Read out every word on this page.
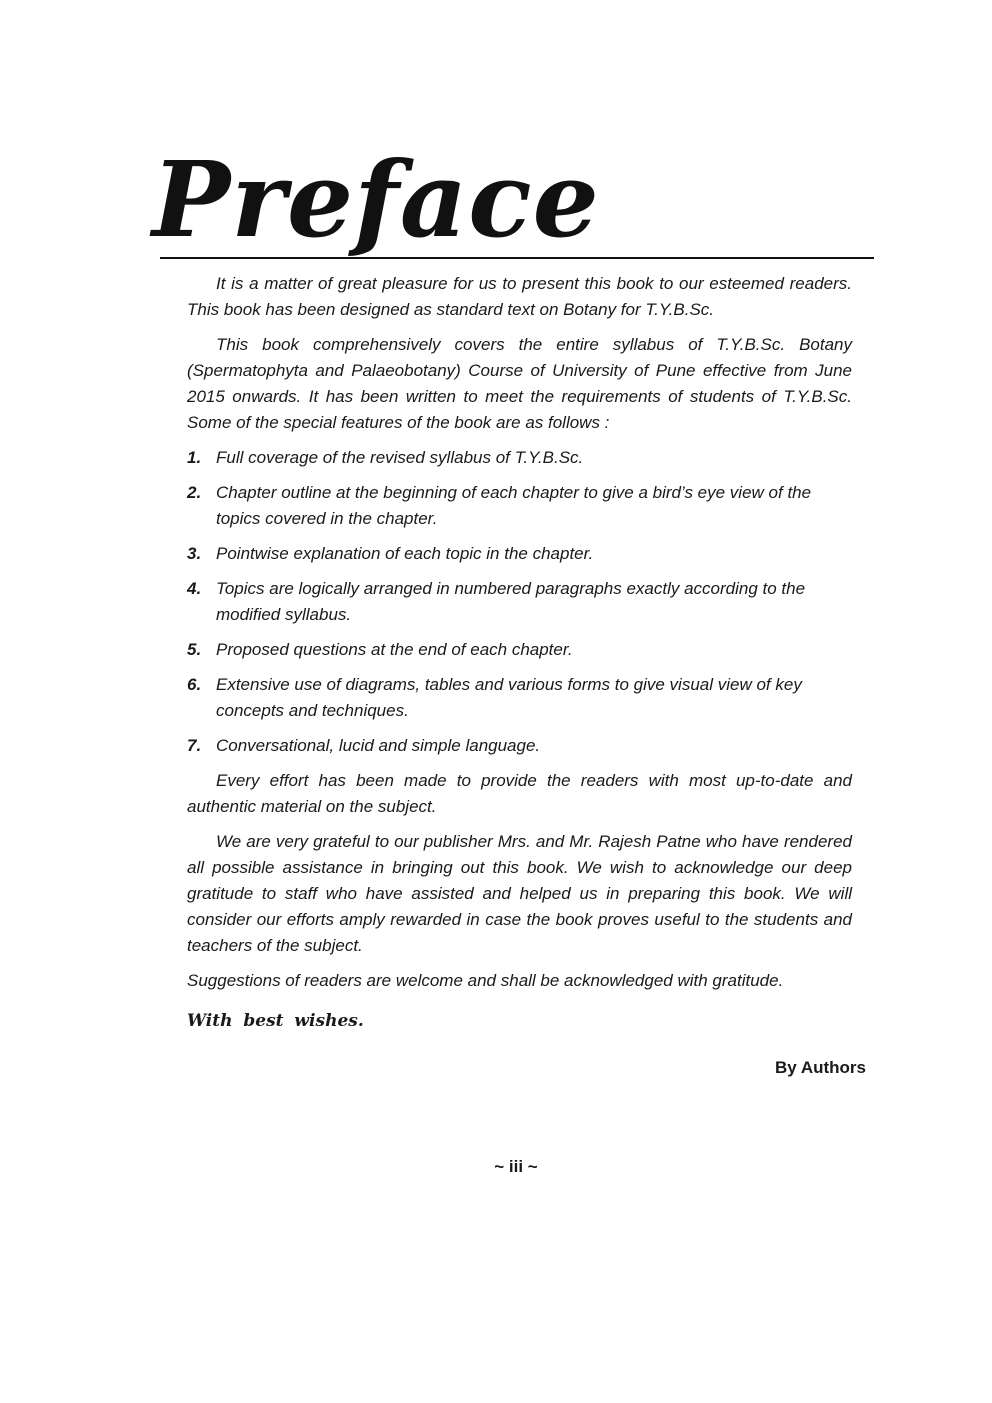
Preface

It is a matter of great pleasure for us to present this book to our esteemed readers. This book has been designed as standard text on Botany for T.Y.B.Sc.

This book comprehensively covers the entire syllabus of T.Y.B.Sc. Botany (Spermatophyta and Palaeobotany) Course of University of Pune effective from June 2015 onwards. It has been written to meet the requirements of students of T.Y.B.Sc. Some of the special features of the book are as follows :

1. Full coverage of the revised syllabus of T.Y.B.Sc.
2. Chapter outline at the beginning of each chapter to give a bird’s eye view of the topics covered in the chapter.
3. Pointwise explanation of each topic in the chapter.
4. Topics are logically arranged in numbered paragraphs exactly according to the modified syllabus.
5. Proposed questions at the end of each chapter.
6. Extensive use of diagrams, tables and various forms to give visual view of key concepts and techniques.
7. Conversational, lucid and simple language.

Every effort has been made to provide the readers with most up-to-date and authentic material on the subject.

We are very grateful to our publisher Mrs. and Mr. Rajesh Patne who have rendered all possible assistance in bringing out this book. We wish to acknowledge our deep gratitude to staff who have assisted and helped us in preparing this book. We will consider our efforts amply rewarded in case the book proves useful to the students and teachers of the subject.

Suggestions of readers are welcome and shall be acknowledged with gratitude.

With best wishes.
By Authors
~ iii ~
